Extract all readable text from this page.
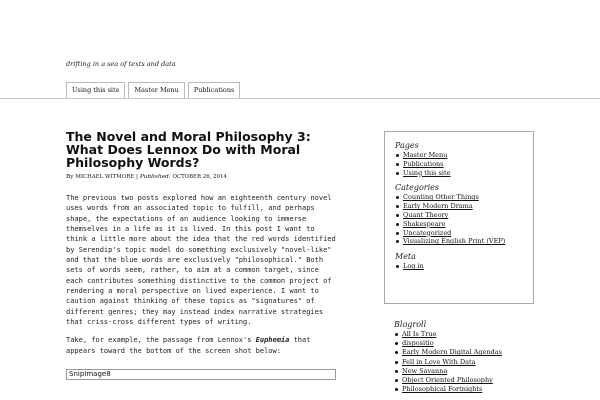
drifting in a sea of texts and data
Using this site	Master Menu	Publications
The Novel and Moral Philosophy 3: What Does Lennox Do with Moral Philosophy Words?
By MICHAEL WITMORE | Published: OCTOBER 26, 2014

The previous two posts explored how an eighteenth century novel uses words from an associated topic to fulfill, and perhaps shape, the expectations of an audience looking to immerse themselves in a life as it is lived. In this post I want to think a little more about the idea that the red words identified by Serendip's topic model do something exclusively "novel-like" and that the blue words are exclusively "philosophical." Both sets of words seem, rather, to aim at a common target, since each contributes something distinctive to the common project of rendering a moral perspective on lived experience. I want to caution against thinking of these topics as "signatures" of different genres; they may instead index narrative strategies that criss-cross different types of writing.

Take, for example, the passage from Lennox's Euphemia that appears toward the bottom of the screen shot below:

SnipImage8

Pages

Master Menu
Publications
Using this site

Categories

Counting Other Things
Early Modern Drama
Quant Theory
Shakespeare
Uncategorized
Visualizing English Print (VEP)

Meta

Log in

Blogroll

All Is True
dispositio
Early Modern Digital Agendas
Fell in Love With Data
New Savanna
Object Oriented Philosophy
Philosophical Fortnights
